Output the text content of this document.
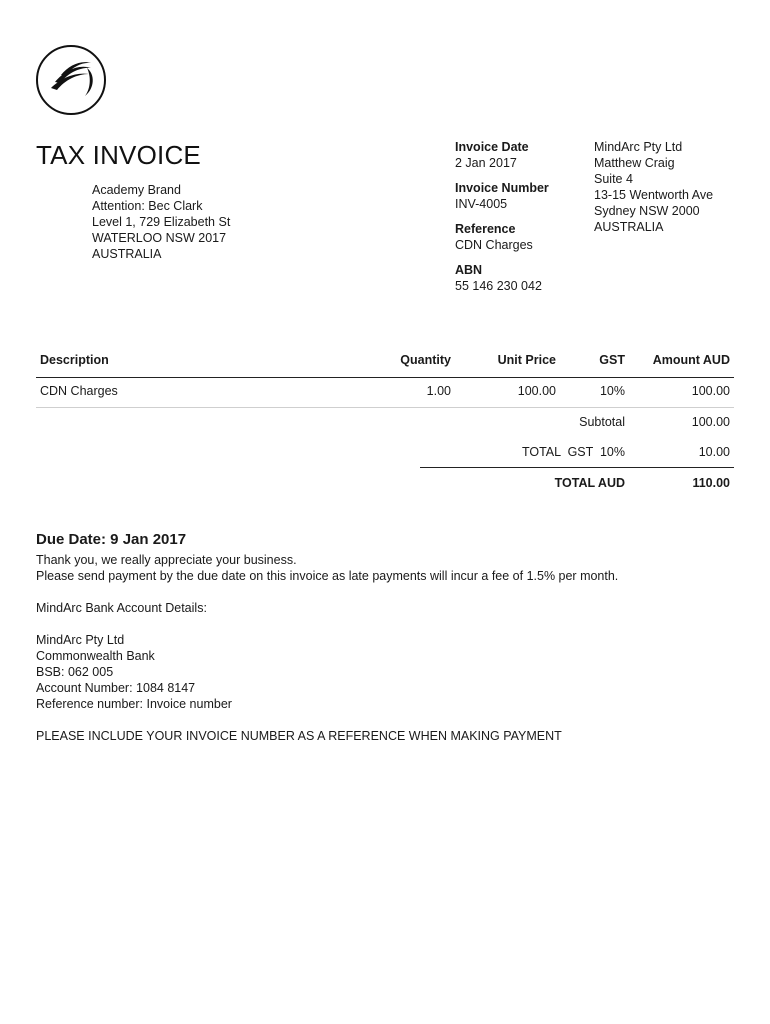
TAX INVOICE
Academy Brand
Attention: Bec Clark
Level 1, 729 Elizabeth St
WATERLOO NSW 2017
AUSTRALIA
Invoice Date
2 Jan 2017
Invoice Number
INV-4005
Reference
CDN Charges
ABN
55 146 230 042
MindArc Pty Ltd
Matthew Craig
Suite 4
13-15 Wentworth Ave
Sydney NSW 2000
AUSTRALIA
Description	Quantity	Unit Price	GST	Amount AUD
CDN Charges	1.00	100.00	10%	100.00
Subtotal	100.00
TOTAL  GST  10%	10.00
TOTAL AUD	110.00
Due Date: 9 Jan 2017
Thank you, we really appreciate your business.
Please send payment by the due date on this invoice as late payments will incur a fee of 1.5% per month.
MindArc Bank Account Details:
MindArc Pty Ltd
Commonwealth Bank
BSB: 062 005
Account Number: 1084 8147
Reference number: Invoice number
PLEASE INCLUDE YOUR INVOICE NUMBER AS A REFERENCE WHEN MAKING PAYMENT
